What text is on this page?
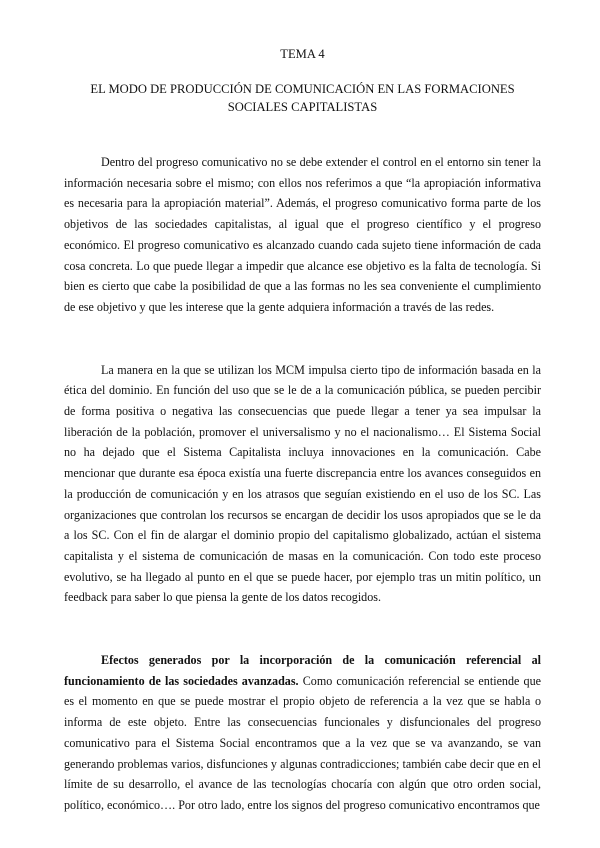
TEMA 4
EL MODO DE PRODUCCIÓN DE COMUNICACIÓN EN LAS FORMACIONES SOCIALES CAPITALISTAS

Dentro del progreso comunicativo no se debe extender el control en el entorno sin tener la información necesaria sobre el mismo; con ellos nos referimos a que “la apropiación informativa es necesaria para la apropiación material”. Además, el progreso comunicativo forma parte de los objetivos de las sociedades capitalistas, al igual que el progreso científico y el progreso económico. El progreso comunicativo es alcanzado cuando cada sujeto tiene información de cada cosa concreta. Lo que puede llegar a impedir que alcance ese objetivo es la falta de tecnología. Si bien es cierto que cabe la posibilidad de que a las formas no les sea conveniente el cumplimiento de ese objetivo y que les interese que la gente adquiera información a través de las redes.

La manera en la que se utilizan los MCM impulsa cierto tipo de información basada en la ética del dominio. En función del uso que se le de a la comunicación pública, se pueden percibir de forma positiva o negativa las consecuencias que puede llegar a tener ya sea impulsar la liberación de la población, promover el universalismo y no el nacionalismo… El Sistema Social no ha dejado que el Sistema Capitalista incluya innovaciones en la comunicación. Cabe mencionar que durante esa época existía una fuerte discrepancia entre los avances conseguidos en la producción de comunicación y en los atrasos que seguían existiendo en el uso de los SC. Las organizaciones que controlan los recursos se encargan de decidir los usos apropiados que se le da a los SC. Con el fin de alargar el dominio propio del capitalismo globalizado, actúan el sistema capitalista y el sistema de comunicación de masas en la comunicación. Con todo este proceso evolutivo, se ha llegado al punto en el que se puede hacer, por ejemplo tras un mitin político, un feedback para saber lo que piensa la gente de los datos recogidos.

Efectos generados por la incorporación de la comunicación referencial al funcionamiento de las sociedades avanzadas. Como comunicación referencial se entiende que es el momento en que se puede mostrar el propio objeto de referencia a la vez que se habla o informa de este objeto. Entre las consecuencias funcionales y disfuncionales del progreso comunicativo para el Sistema Social encontramos que a la vez que se va avanzando, se van generando problemas varios, disfunciones y algunas contradicciones; también cabe decir que en el límite de su desarrollo, el avance de las tecnologías chocaría con algún que otro orden social, político, económico…. Por otro lado, entre los signos del progreso comunicativo encontramos que
